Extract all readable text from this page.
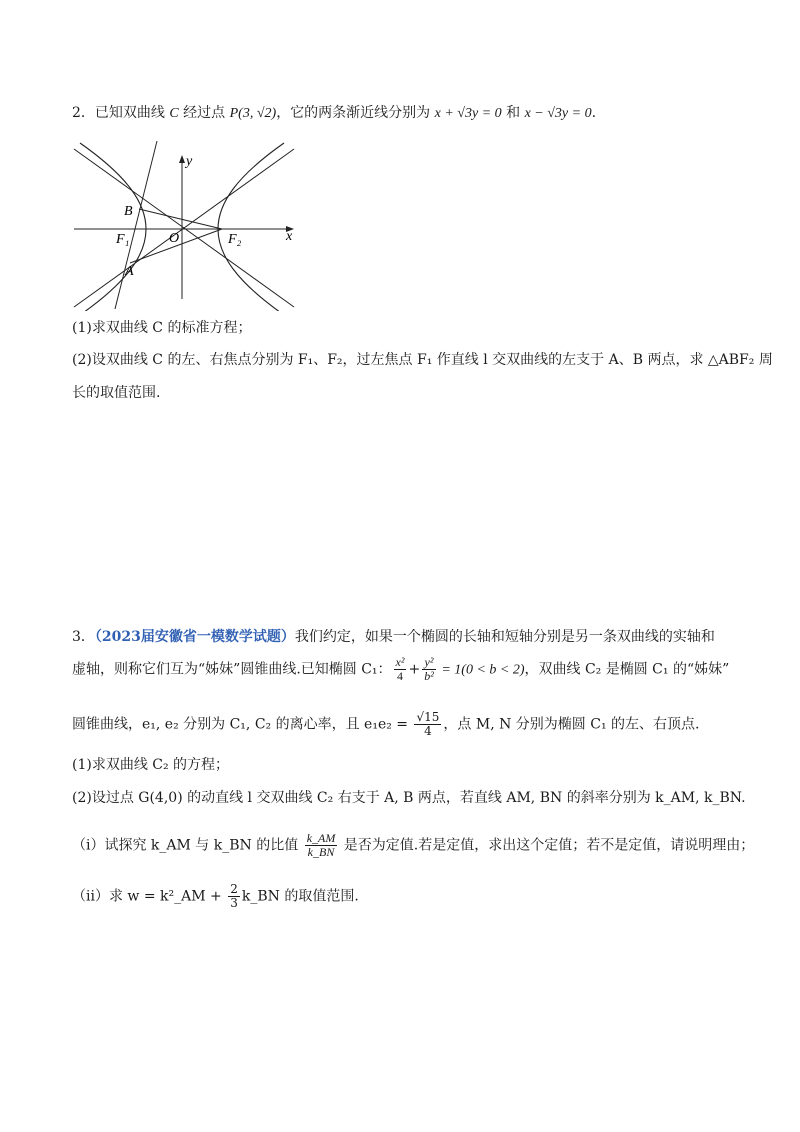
2．已知双曲线 C 经过点 P(3, √2)，它的两条渐近线分别为 x + √3y = 0 和 x − √3y = 0.
y
x
O
B
A
F₁	F₂
(1)求双曲线 C 的标准方程；
(2)设双曲线 C 的左、右焦点分别为 F₁、F₂，过左焦点 F₁ 作直线 l 交双曲线的左支于 A、B 两点，求 △ABF₂ 周
长的取值范围.
3．（2023届安徽省一模数学试题）我们约定，如果一个椭圆的长轴和短轴分别是另一条双曲线的实轴和
虚轴，则称它们互为“姊妹”圆锥曲线.已知椭圆 C₁： $\frac{\text{x²}}{4} + \frac{\text{y²}}{\text{b²}} = 1(0 < b < 2)$，双曲线 C₂ 是椭圆 C₁ 的“姊妹”
圆锥曲线，e₁, e₂ 分别为 C₁, C₂ 的离心率，且 $e_1e_2 = \frac{√15}{4}$ ，点 M, N 分别为椭圆 C₁ 的左、右顶点.
(1)求双曲线 C₂ 的方程；
(2)设过点 G(4,0) 的动直线 l 交双曲线 C₂ 右支于 A, B 两点，若直线 AM, BN 的斜率分别为 k_AM, k_BN.
（i）试探究 k_AM 与 k_BN 的比值 $\frac{k\_AM}{k\_BN}$ 是否为定值.若是定值，求出这个定值；若不是定值，请说明理由；
（ii）求 w = k²_AM + $\frac{2}{3}$ k_BN 的取值范围.
